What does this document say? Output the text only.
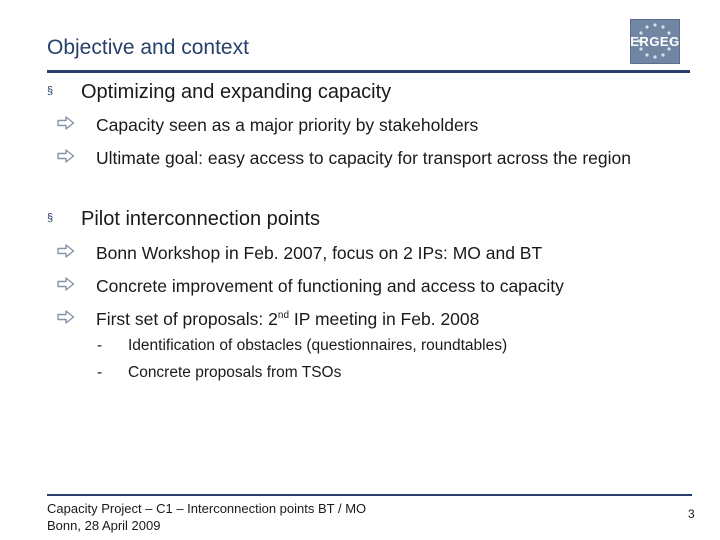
Objective and context	ERGEG
§ Optimizing and expanding capacity
Capacity seen as a major priority by stakeholders
Ultimate goal: easy access to capacity for transport across the region
§ Pilot interconnection points
Bonn Workshop in Feb. 2007, focus on 2 IPs: MO and BT
Concrete improvement of functioning and access to capacity
First set of proposals: 2nd IP meeting in Feb. 2008
- Identification of obstacles (questionnaires, roundtables)
- Concrete proposals from TSOs
Capacity Project – C1 – Interconnection points BT / MO
Bonn, 28 April 2009
3
